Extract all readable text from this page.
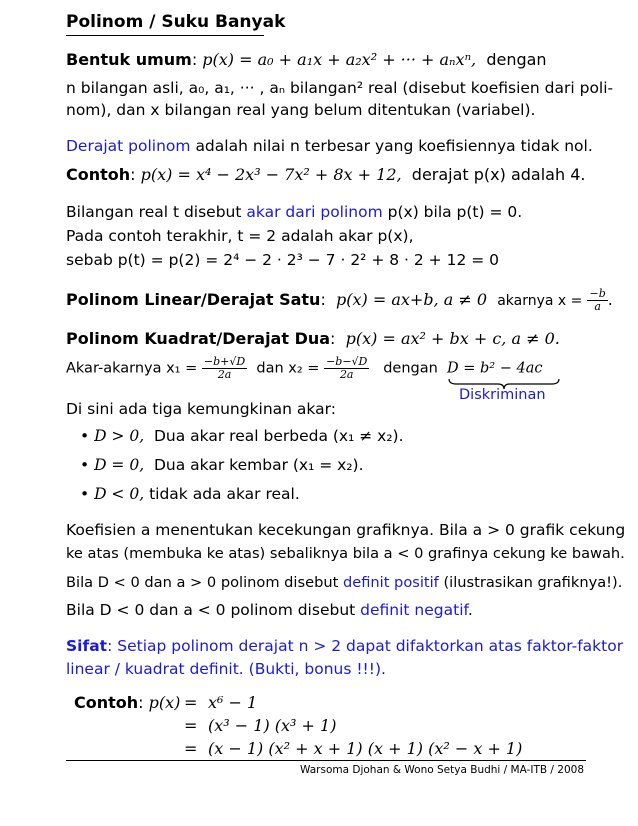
Polinom / Suku Banyak
Bentuk umum: p(x) = a₀ + a₁x + a₂x² + ··· + aₙxⁿ, dengan
n bilangan asli, a₀, a₁, ··· , aₙ bilangan² real (disebut koefisien dari poli-
nom), dan x bilangan real yang belum ditentukan (variabel).
Derajat polinom adalah nilai n terbesar yang koefisiennya tidak nol.
Contoh: p(x) = x⁴ − 2x³ − 7x² + 8x + 12, derajat p(x) adalah 4.
Bilangan real t disebut akar dari polinom p(x) bila p(t) = 0.
Pada contoh terakhir, t = 2 adalah akar p(x),
sebab p(t) = p(2) = 2⁴ − 2 · 2³ − 7 · 2² + 8 · 2 + 12 = 0
Polinom Linear/Derajat Satu:  p(x) = ax+b, a ≠ 0 akarnya $x = \frac{-b}{a}$ .
Polinom Kuadrat/Derajat Dua:  p(x) = ax² + bx + c, a ≠ 0.
Akar-akarnya $x_1 = \frac{-b+√D}{2a}$ dan $x_2 = \frac{-b-√D}{2a}$ dengan D = b² − 4ac
Diskriminan
Di sini ada tiga kemungkinan akar:
• D > 0, Dua akar real berbeda (x₁ ≠ x₂).
• D = 0, Dua akar kembar (x₁ = x₂).
• D < 0, tidak ada akar real.
Koefisien a menentukan kecekungan grafiknya. Bila a > 0 grafik cekung
ke atas (membuka ke atas) sebaliknya bila a < 0 grafinya cekung ke bawah.
Bila D < 0 dan a > 0 polinom disebut definit positif (ilustrasikan grafiknya!).
Bila D < 0 dan a < 0 polinom disebut definit negatif.
Sifat: Setiap polinom derajat n > 2 dapat difaktorkan atas faktor-faktor
linear / kuadrat definit. (Bukti, bonus !!!).
Contoh: p(x) = x⁶ − 1
= (x³ − 1) (x³ + 1)
= (x − 1) (x² + x + 1) (x + 1) (x² − x + 1)
Warsoma Djohan & Wono Setya Budhi / MA-ITB / 2008
